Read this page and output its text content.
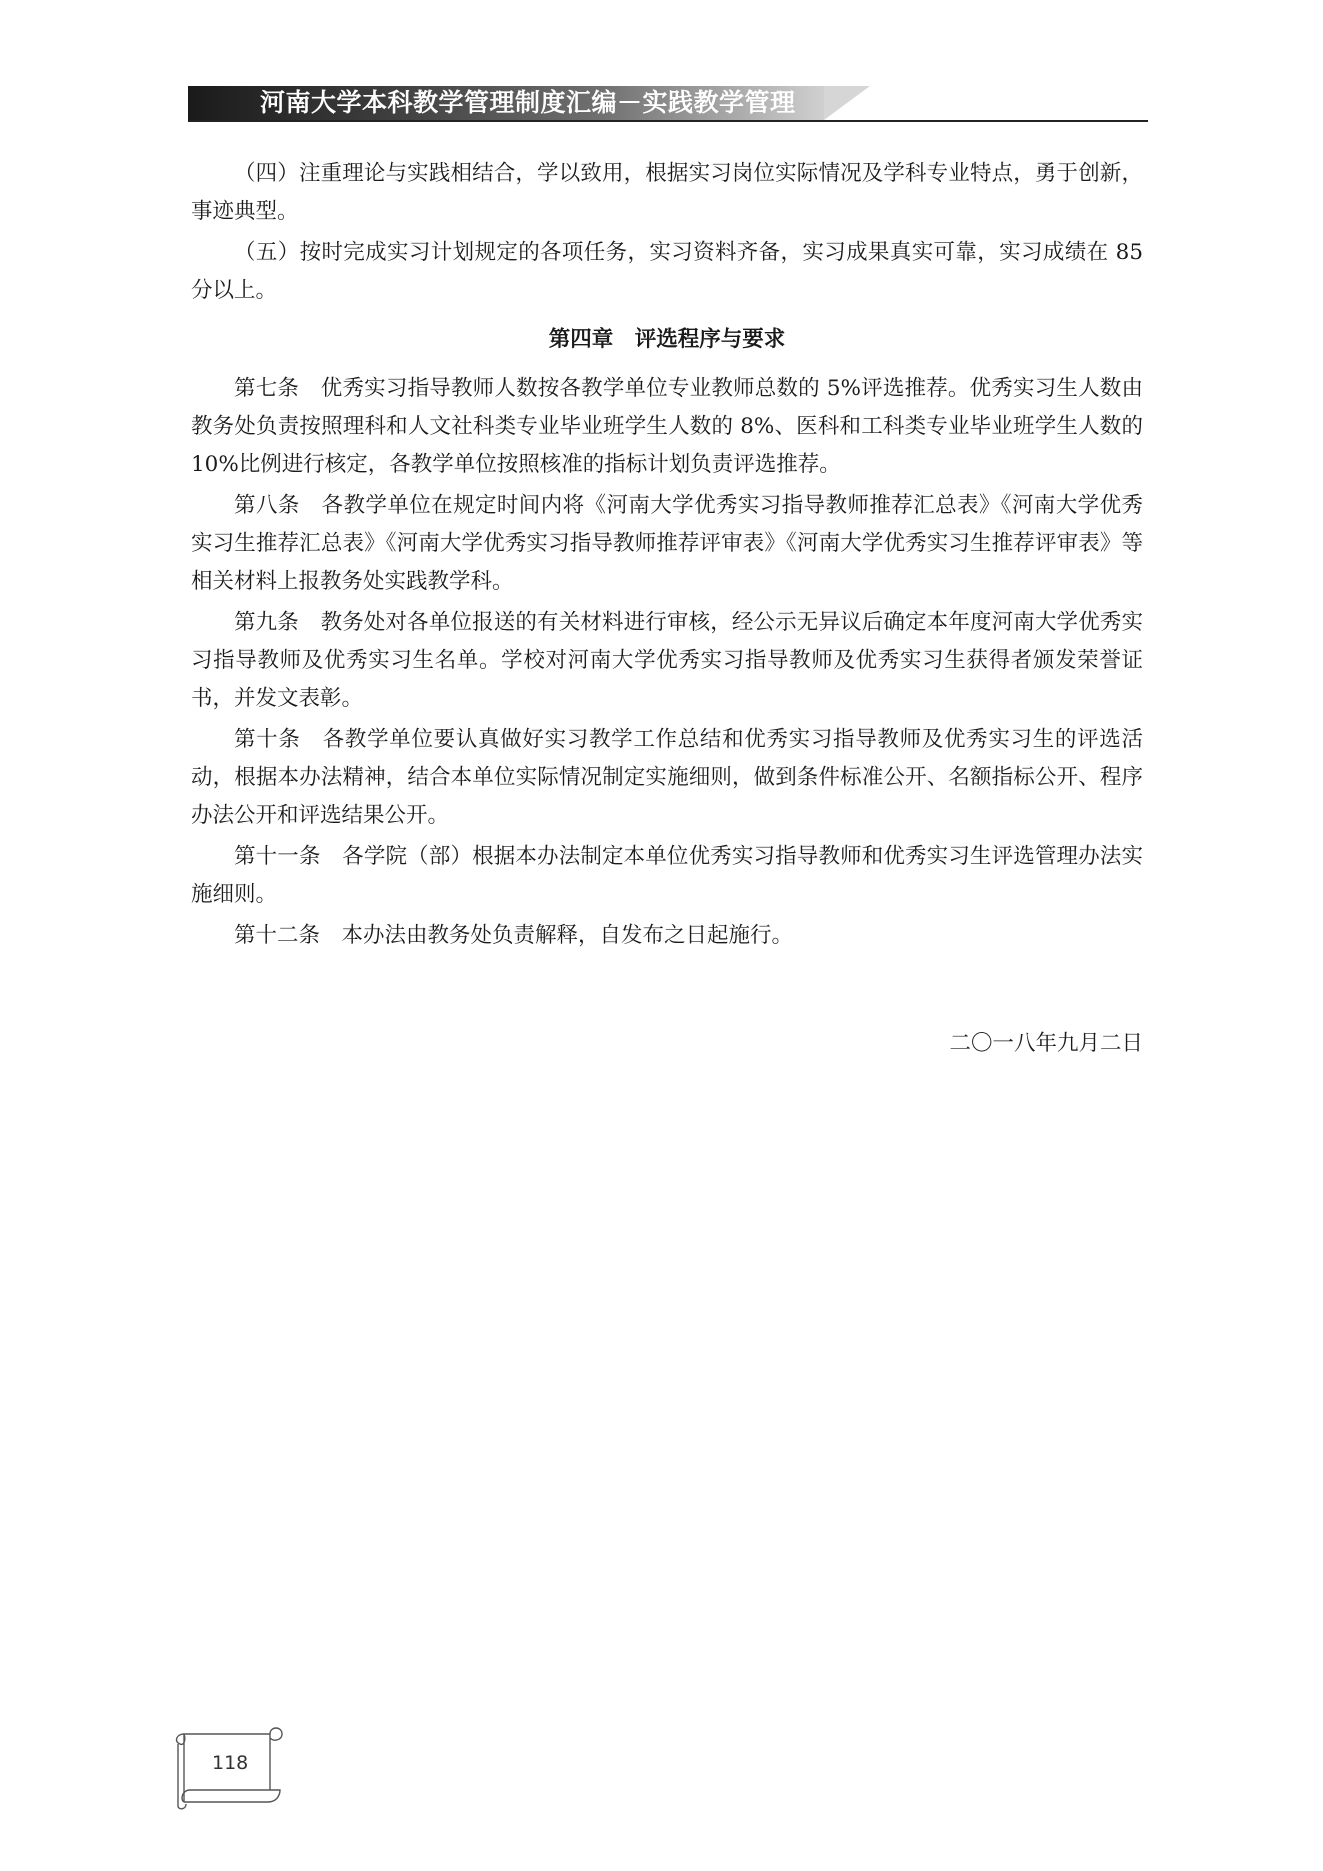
河南大学本科教学管理制度汇编－实践教学管理

（四）注重理论与实践相结合，学以致用，根据实习岗位实际情况及学科专业特点，勇于创新，事迹典型。

（五）按时完成实习计划规定的各项任务，实习资料齐备，实习成果真实可靠，实习成绩在 85 分以上。

第四章　评选程序与要求

第七条　优秀实习指导教师人数按各教学单位专业教师总数的 5%评选推荐。优秀实习生人数由教务处负责按照理科和人文社科类专业毕业班学生人数的 8%、医科和工科类专业毕业班学生人数的 10%比例进行核定，各教学单位按照核准的指标计划负责评选推荐。

第八条　各教学单位在规定时间内将《河南大学优秀实习指导教师推荐汇总表》《河南大学优秀实习生推荐汇总表》《河南大学优秀实习指导教师推荐评审表》《河南大学优秀实习生推荐评审表》等相关材料上报教务处实践教学科。

第九条　教务处对各单位报送的有关材料进行审核，经公示无异议后确定本年度河南大学优秀实习指导教师及优秀实习生名单。学校对河南大学优秀实习指导教师及优秀实习生获得者颁发荣誉证书，并发文表彰。

第十条　各教学单位要认真做好实习教学工作总结和优秀实习指导教师及优秀实习生的评选活动，根据本办法精神，结合本单位实际情况制定实施细则，做到条件标准公开、名额指标公开、程序办法公开和评选结果公开。

第十一条　各学院（部）根据本办法制定本单位优秀实习指导教师和优秀实习生评选管理办法实施细则。

第十二条　本办法由教务处负责解释，自发布之日起施行。

二〇一八年九月二日

118
